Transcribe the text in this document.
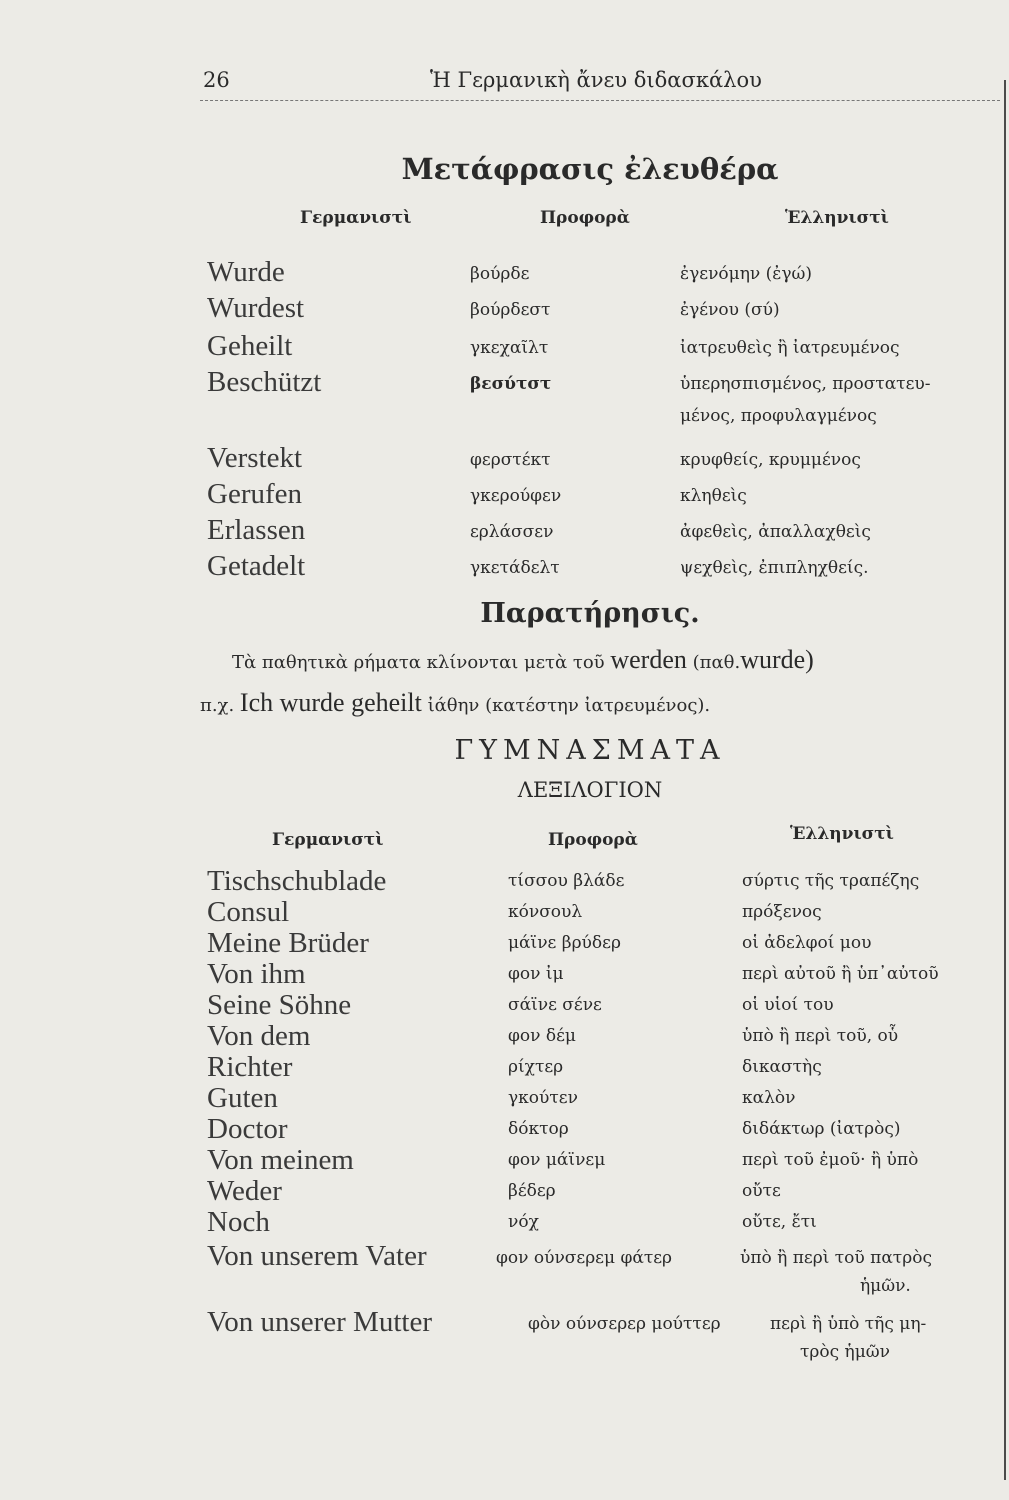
26	Ἡ Γερμανικὴ ἄνευ διδασκάλου
Μετάφρασις ἐλευθέρα
Γερμανιστὶ	Προφορὰ	Ἑλληνιστὶ
Wurde	βούρδε	ἐγενόμην (ἐγώ)
Wurdest	βούρδεστ	ἐγένου (σύ)
Geheilt	γκεχαῖλτ	ἰατρευθεὶς ἢ ἰατρευμένος
Beschützt	βεσύτστ	ὑπερησπισμένος, προστατευ-
μένος, προφυλαγμένος
Verstekt	φερστέκτ	κρυφθείς, κρυμμένος
Gerufen	γκερούφεν	κληθεὶς
Erlassen	ερλάσσεν	ἀφεθεὶς, ἀπαλλαχθεὶς
Getadelt	γκετάδελτ	ψεχθεὶς, ἐπιπληχθείς.
Παρατήρησις.
Τὰ παθητικὰ ρήματα κλίνονται μετὰ τοῦ werden (παθ.wurde)
π.χ. Ich wurde geheilt ἰάθην (κατέστην ἰατρευμένος).
ΓΥΜΝΑΣΜΑΤΑ
ΛΕΞΙΛΟΓΙΟΝ
Γερμανιστὶ	Προφορὰ	Ἑλληνιστὶ
Tischschublade	τίσσου βλάδε	σύρτις τῆς τραπέζης
Consul	κόνσουλ	πρόξενος
Meine Brüder	μάϊνε βρύδερ	οἱ ἀδελφοί μου
Von ihm	φον ἰμ	περὶ αὐτοῦ ἢ ὑπ᾽αὐτοῦ
Seine Söhne	σάϊνε σένε	οἱ υἱοί του
Von dem	φον δέμ	ὑπὸ ἢ περὶ τοῦ, οὗ
Richter	ρίχτερ	δικαστὴς
Guten	γκούτεν	καλὸν
Doctor	δόκτορ	διδάκτωρ (ἰατρὸς)
Von meinem	φον μάϊνεμ	περὶ τοῦ ἐμοῦ· ἢ ὑπὸ
Weder	βέδερ	οὔτε
Noch	νόχ	οὔτε, ἔτι
Von unserem Vater	φον ούνσερεμ φάτερ	ὑπὸ ἢ περὶ τοῦ πατρὸς
ἡμῶν.
Von unserer Mutter	φὸν ούνσερερ μούττερ	περὶ ἢ ὑπὸ τῆς μη-
τρὸς ἡμῶν
